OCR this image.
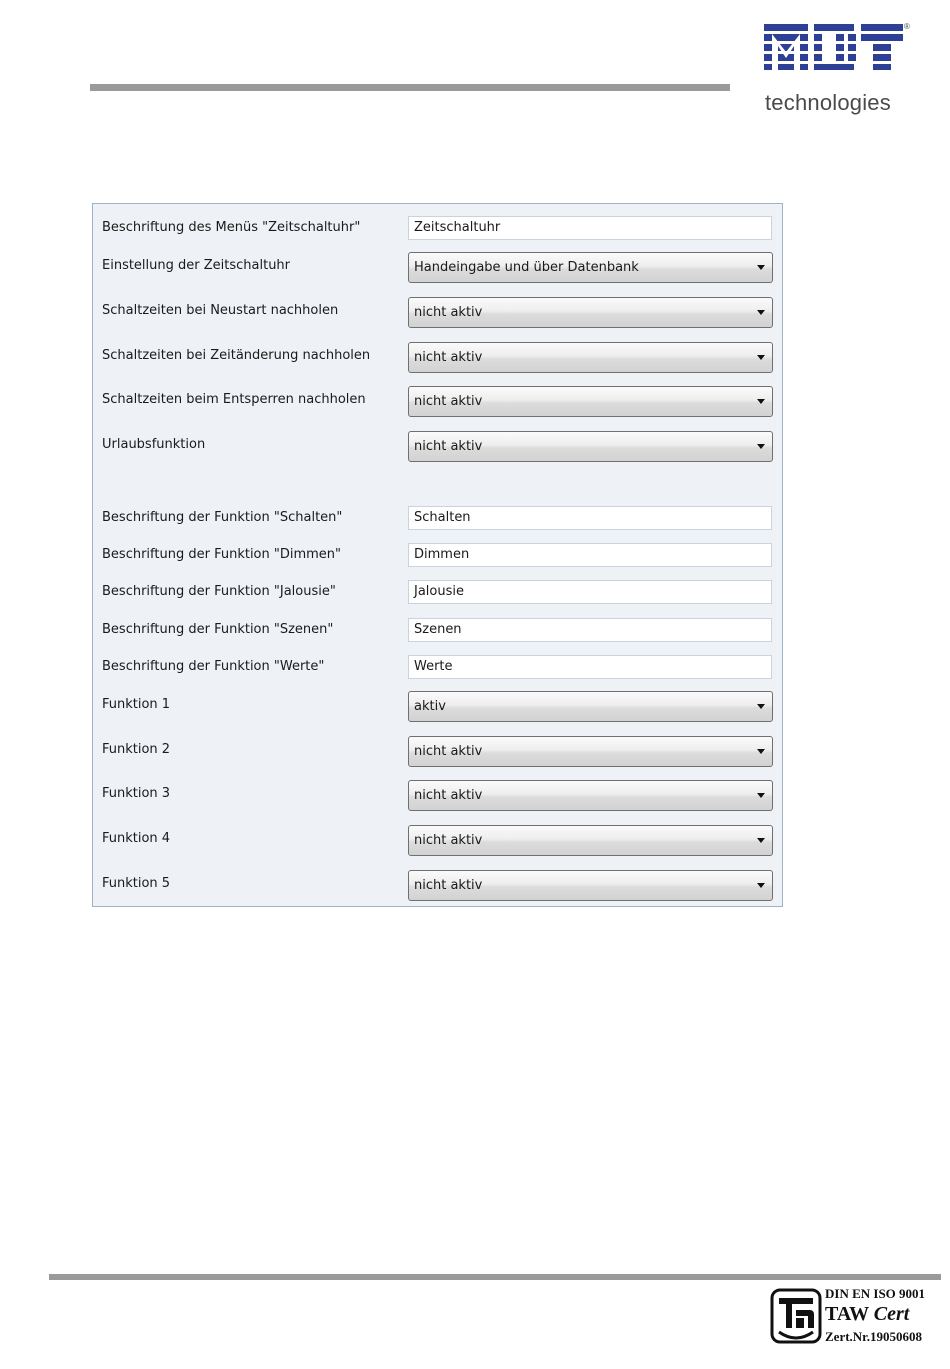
®
technologies
Beschriftung des Menüs "Zeitschaltuhr"	Zeitschaltuhr
Einstellung der Zeitschaltuhr	Handeingabe und über Datenbank
Schaltzeiten bei Neustart nachholen	nicht aktiv
Schaltzeiten bei Zeitänderung nachholen	nicht aktiv
Schaltzeiten beim Entsperren nachholen	nicht aktiv
Urlaubsfunktion	nicht aktiv
Beschriftung der Funktion "Schalten"	Schalten
Beschriftung der Funktion "Dimmen"	Dimmen
Beschriftung der Funktion "Jalousie"	Jalousie
Beschriftung der Funktion "Szenen"	Szenen
Beschriftung der Funktion "Werte"	Werte
Funktion 1	aktiv
Funktion 2	nicht aktiv
Funktion 3	nicht aktiv
Funktion 4	nicht aktiv
Funktion 5	nicht aktiv
DIN EN ISO 9001
TAW Cert
Zert.Nr.19050608
